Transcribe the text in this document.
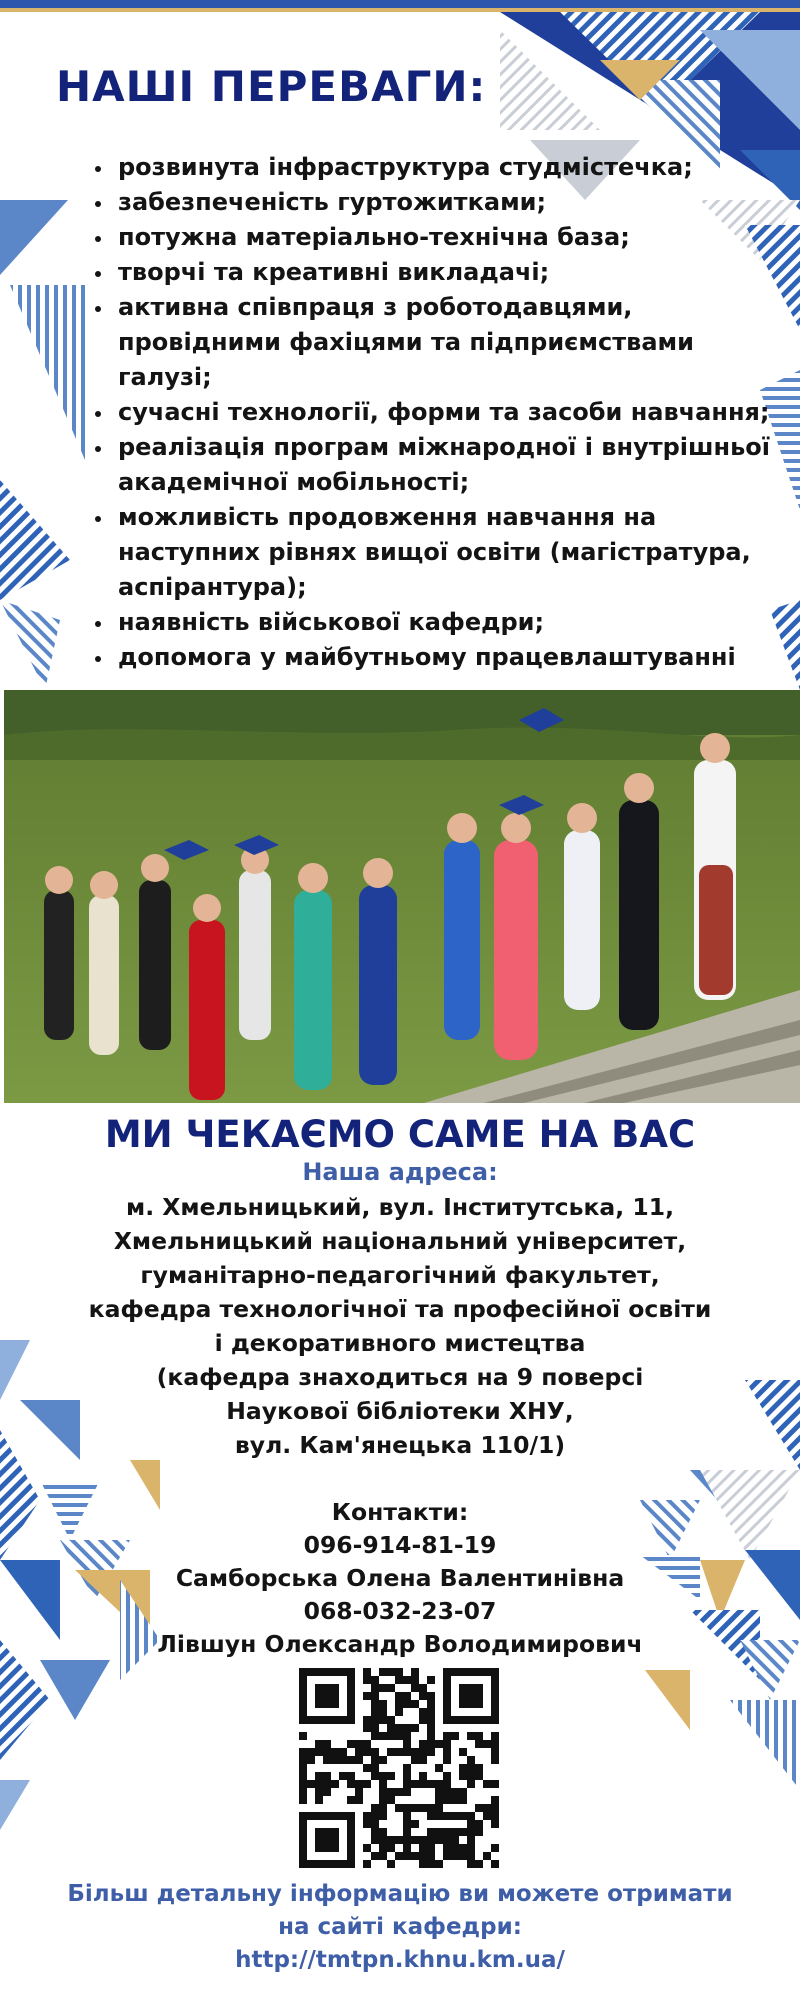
НАШІ ПЕРЕВАГИ:
• розвинута інфраструктура студмістечка;
• забезпеченість гуртожитками;
• потужна матеріально-технічна база;
• творчі та креативні викладачі;
• активна співпраця з роботодавцями, провідними фахіцями та підприємствами галузі;
• сучасні технології, форми та засоби навчання;
• реалізація програм міжнародної і внутрішньої академічної мобільності;
• можливість продовження навчання на наступних рівнях вищої освіти (магістратура, аспірантура);
• наявність військової кафедри;
• допомога у майбутньому працевлаштуванні
МИ ЧЕКАЄМО САМЕ НА ВАС
Наша адреса:
м. Хмельницький, вул. Інститутська, 11,
Хмельницький національний університет,
гуманітарно-педагогічний факультет,
кафедра технологічної та професійної освіти
і декоративного мистецтва
(кафедра знаходиться на 9 поверсі
Наукової бібліотеки ХНУ,
вул. Кам'янецька 110/1)
Контакти:
096-914-81-19
Самборська Олена Валентинівна
068-032-23-07
Лівшун Олександр Володимирович
Більш детальну інформацію ви можете отримати
на сайті кафедри:
http://tmtpn.khnu.km.ua/
